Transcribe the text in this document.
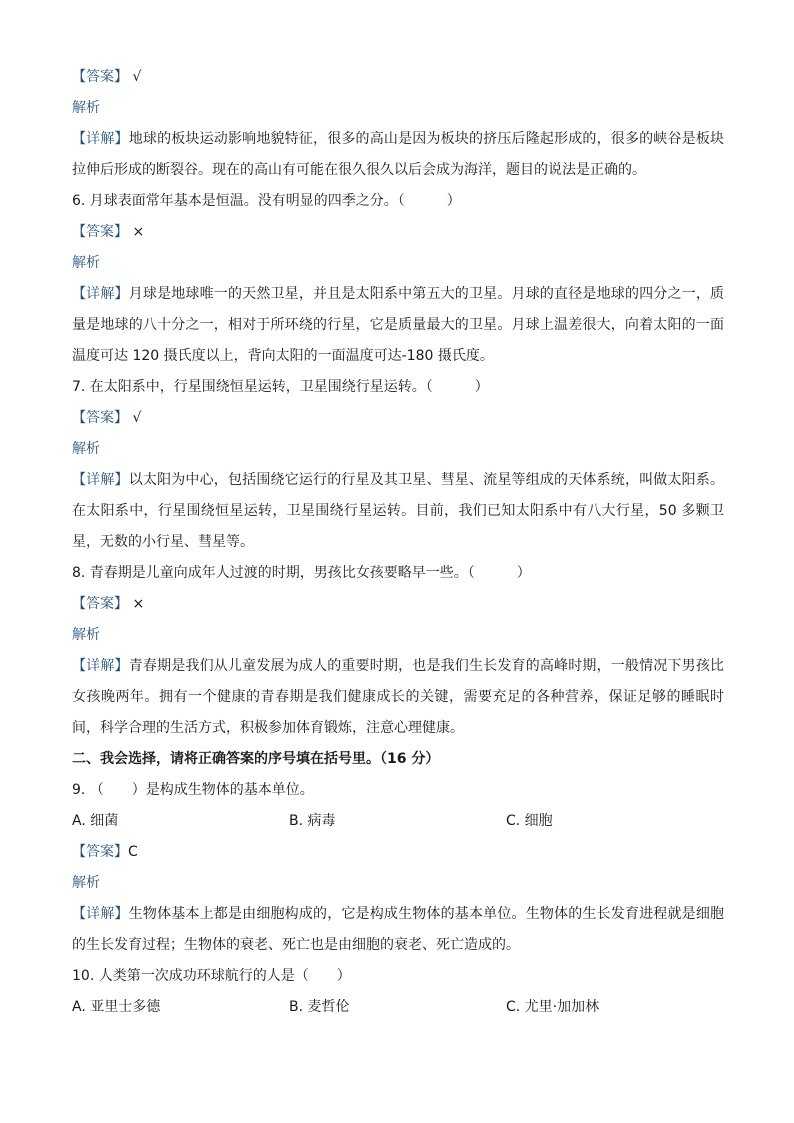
【答案】 √
解析
【详解】地球的板块运动影响地貌特征，很多的高山是因为板块的挤压后隆起形成的，很多的峡谷是板块拉伸后形成的断裂谷。现在的高山有可能在很久很久以后会成为海洋，题目的说法是正确的。
6. 月球表面常年基本是恒温。没有明显的四季之分。（　　　）
【答案】 ×
解析
【详解】月球是地球唯一的天然卫星，并且是太阳系中第五大的卫星。月球的直径是地球的四分之一，质量是地球的八十分之一，相对于所环绕的行星，它是质量最大的卫星。月球上温差很大，向着太阳的一面温度可达 120 摄氏度以上，背向太阳的一面温度可达-180 摄氏度。
7. 在太阳系中，行星围绕恒星运转，卫星围绕行星运转。（　　　）
【答案】 √
解析
【详解】以太阳为中心，包括围绕它运行的行星及其卫星、彗星、流星等组成的天体系统，叫做太阳系。在太阳系中，行星围绕恒星运转，卫星围绕行星运转。目前，我们已知太阳系中有八大行星，50 多颗卫星，无数的小行星、彗星等。
8. 青春期是儿童向成年人过渡的时期，男孩比女孩要略早一些。（　　　）
【答案】 ×
解析
【详解】青春期是我们从儿童发展为成人的重要时期，也是我们生长发育的高峰时期，一般情况下男孩比女孩晚两年。拥有一个健康的青春期是我们健康成长的关键，需要充足的各种营养，保证足够的睡眠时间，科学合理的生活方式，积极参加体育锻炼，注意心理健康。
二、我会选择，请将正确答案的序号填在括号里。（16 分）
9. （　　）是构成生物体的基本单位。
A. 细菌	B. 病毒	C. 细胞
【答案】C
解析
【详解】生物体基本上都是由细胞构成的，它是构成生物体的基本单位。生物体的生长发育进程就是细胞的生长发育过程；生物体的衰老、死亡也是由细胞的衰老、死亡造成的。
10. 人类第一次成功环球航行的人是（　　）
A. 亚里士多德	B. 麦哲伦	C. 尤里·加加林
